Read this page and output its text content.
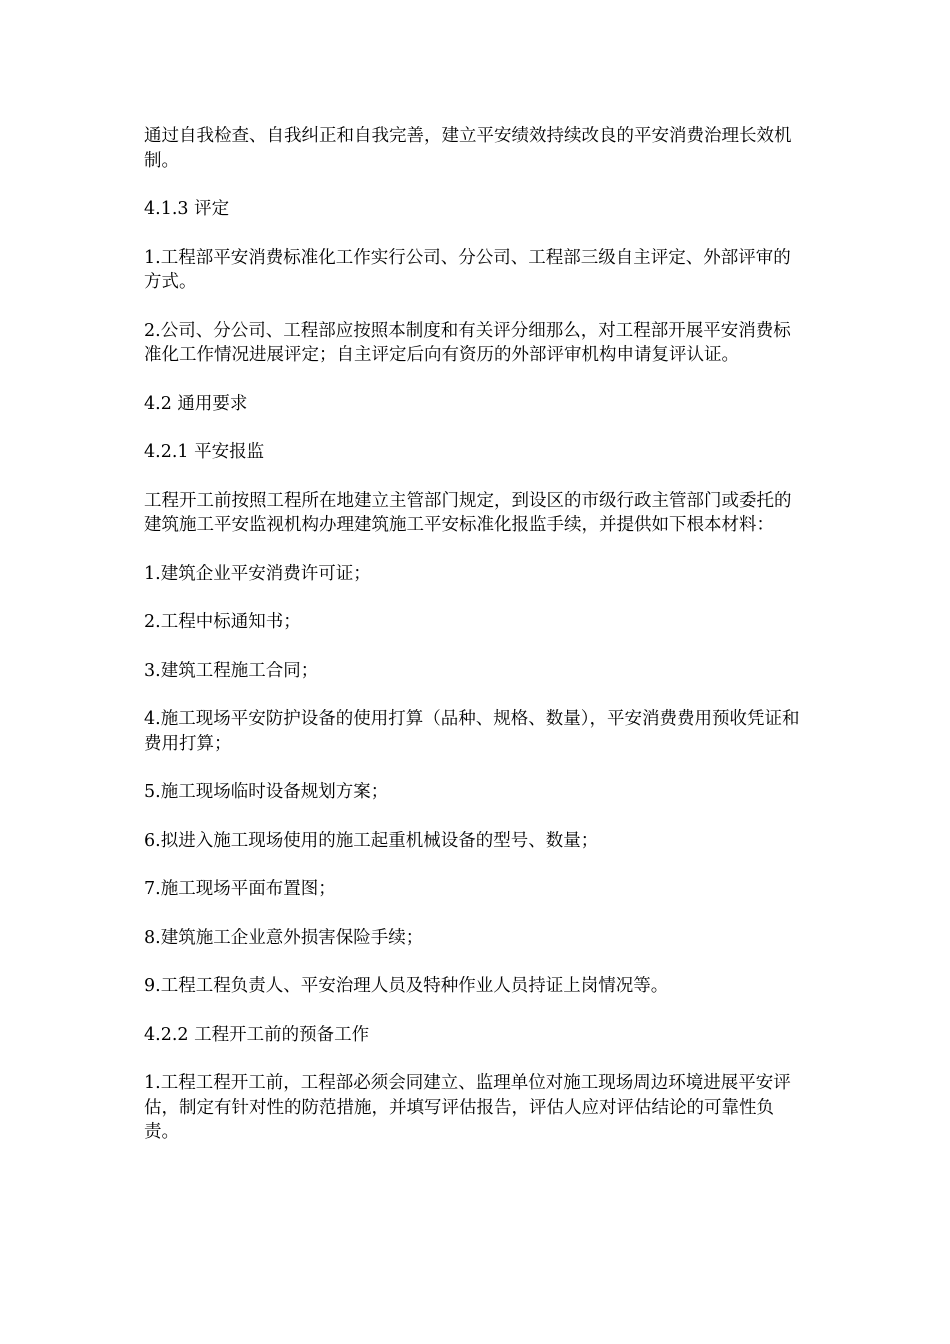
通过自我检查、自我纠正和自我完善，建立平安绩效持续改良的平安消费治理长效机制。

4.1.3 评定

1.工程部平安消费标准化工作实行公司、分公司、工程部三级自主评定、外部评审的方式。

2.公司、分公司、工程部应按照本制度和有关评分细那么，对工程部开展平安消费标准化工作情况进展评定；自主评定后向有资历的外部评审机构申请复评认证。

4.2 通用要求

4.2.1 平安报监

工程开工前按照工程所在地建立主管部门规定，到设区的市级行政主管部门或委托的建筑施工平安监视机构办理建筑施工平安标准化报监手续，并提供如下根本材料：

1.建筑企业平安消费许可证；

2.工程中标通知书；

3.建筑工程施工合同；

4.施工现场平安防护设备的使用打算（品种、规格、数量），平安消费费用预收凭证和费用打算；

5.施工现场临时设备规划方案；

6.拟进入施工现场使用的施工起重机械设备的型号、数量；

7.施工现场平面布置图；

8.建筑施工企业意外损害保险手续；

9.工程工程负责人、平安治理人员及特种作业人员持证上岗情况等。

4.2.2 工程开工前的预备工作

1.工程工程开工前，工程部必须会同建立、监理单位对施工现场周边环境进展平安评估，制定有针对性的防范措施，并填写评估报告，评估人应对评估结论的可靠性负责。
